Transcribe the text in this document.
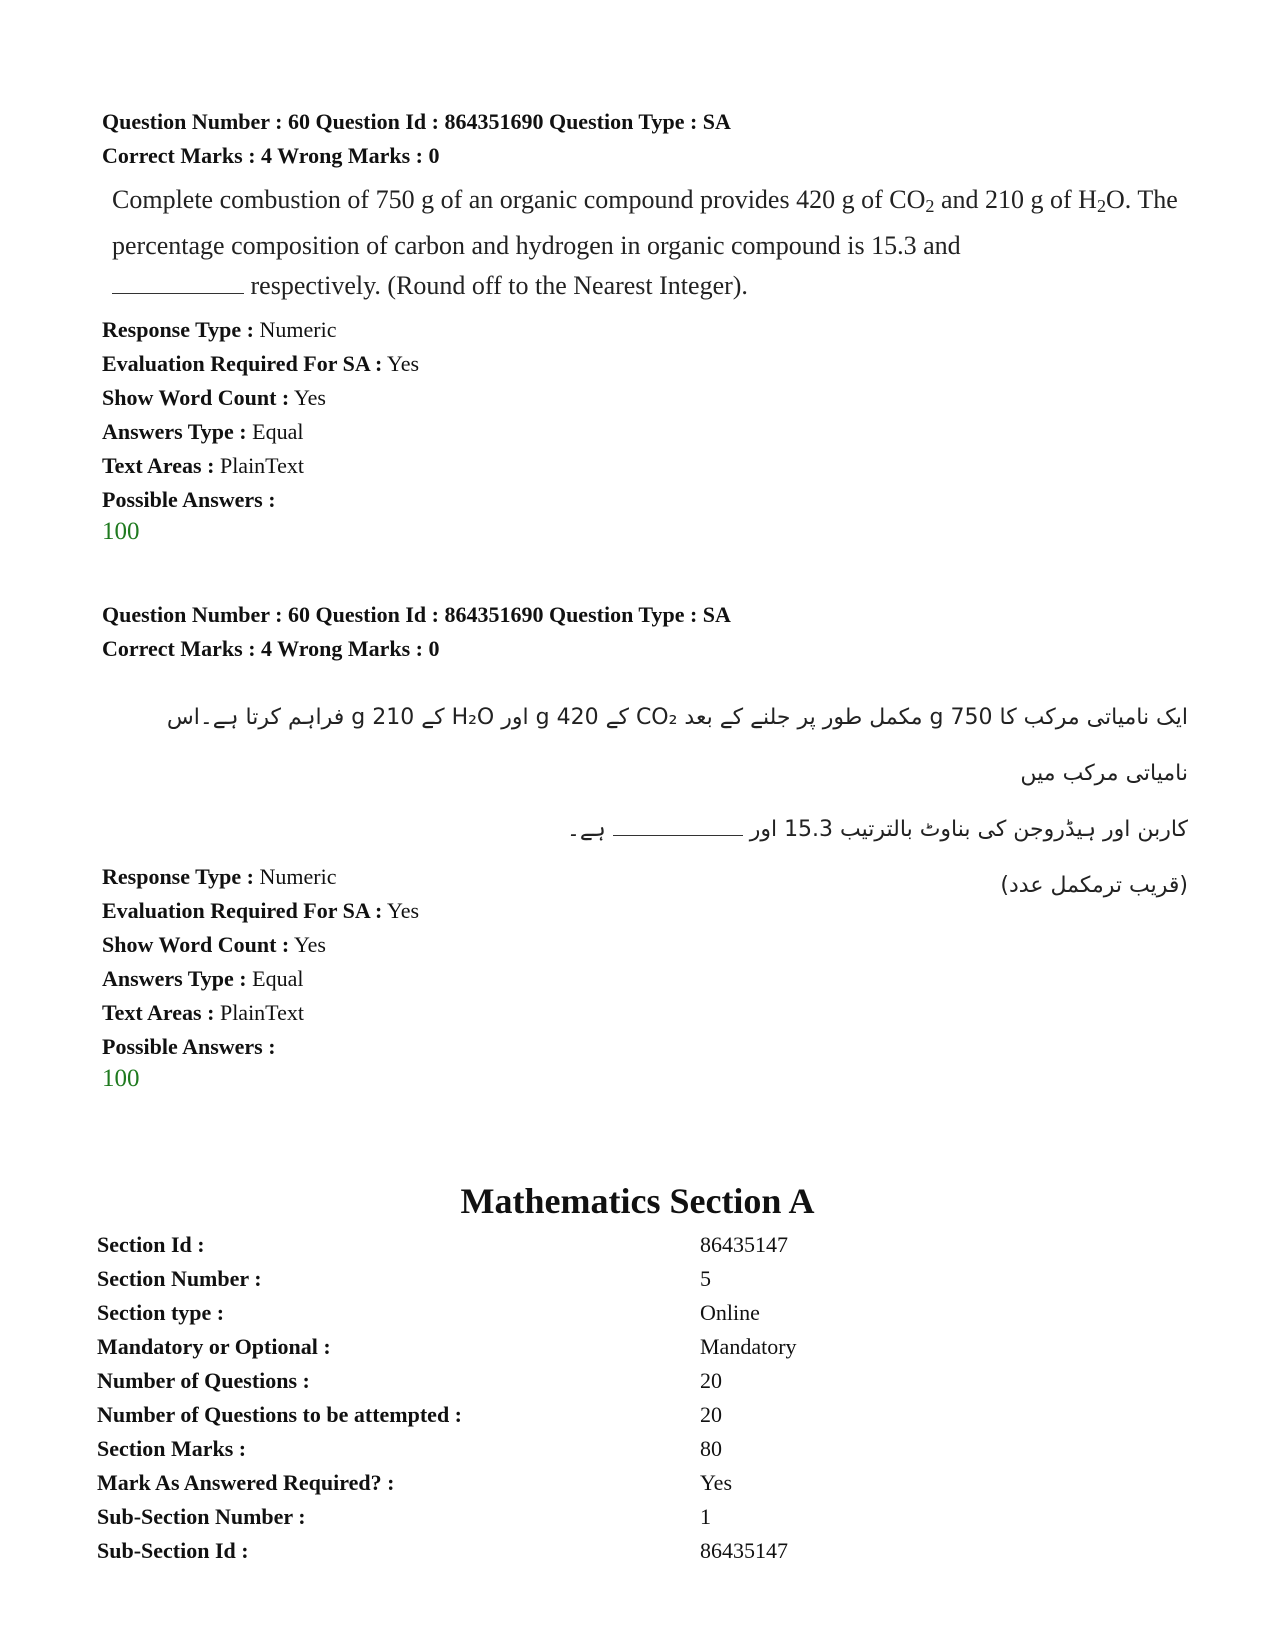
Question Number : 60 Question Id : 864351690 Question Type : SA
Correct Marks : 4 Wrong Marks : 0
Complete combustion of 750 g of an organic compound provides 420 g of $CO_2$ and 210 g of $H_2O$. The percentage composition of carbon and hydrogen in organic compound is 15.3 and
respectively. (Round off to the Nearest Integer).
Response Type : Numeric
Evaluation Required For SA : Yes
Show Word Count : Yes
Answers Type : Equal
Text Areas : PlainText
Possible Answers :
100
Question Number : 60 Question Id : 864351690 Question Type : SA
Correct Marks : 4 Wrong Marks : 0
ایک نامیاتی مرکب کا 750 g مکمل طور پر جلنے کے بعد CO₂ کے 420 g اور H₂O کے 210 g فراہم کرتا ہے۔اس نامیاتی مرکب میں
کاربن اور ہیڈروجن کی بناوٹ بالترتیب 15.3 اور  ہے۔
(قریب ترمکمل عدد)
Response Type : Numeric
Evaluation Required For SA : Yes
Show Word Count : Yes
Answers Type : Equal
Text Areas : PlainText
Possible Answers :
100
Mathematics Section A
Section Id :	86435147
Section Number :	5
Section type :	Online
Mandatory or Optional :	Mandatory
Number of Questions :	20
Number of Questions to be attempted :	20
Section Marks :	80
Mark As Answered Required? :	Yes
Sub-Section Number :	1
Sub-Section Id :	86435147
